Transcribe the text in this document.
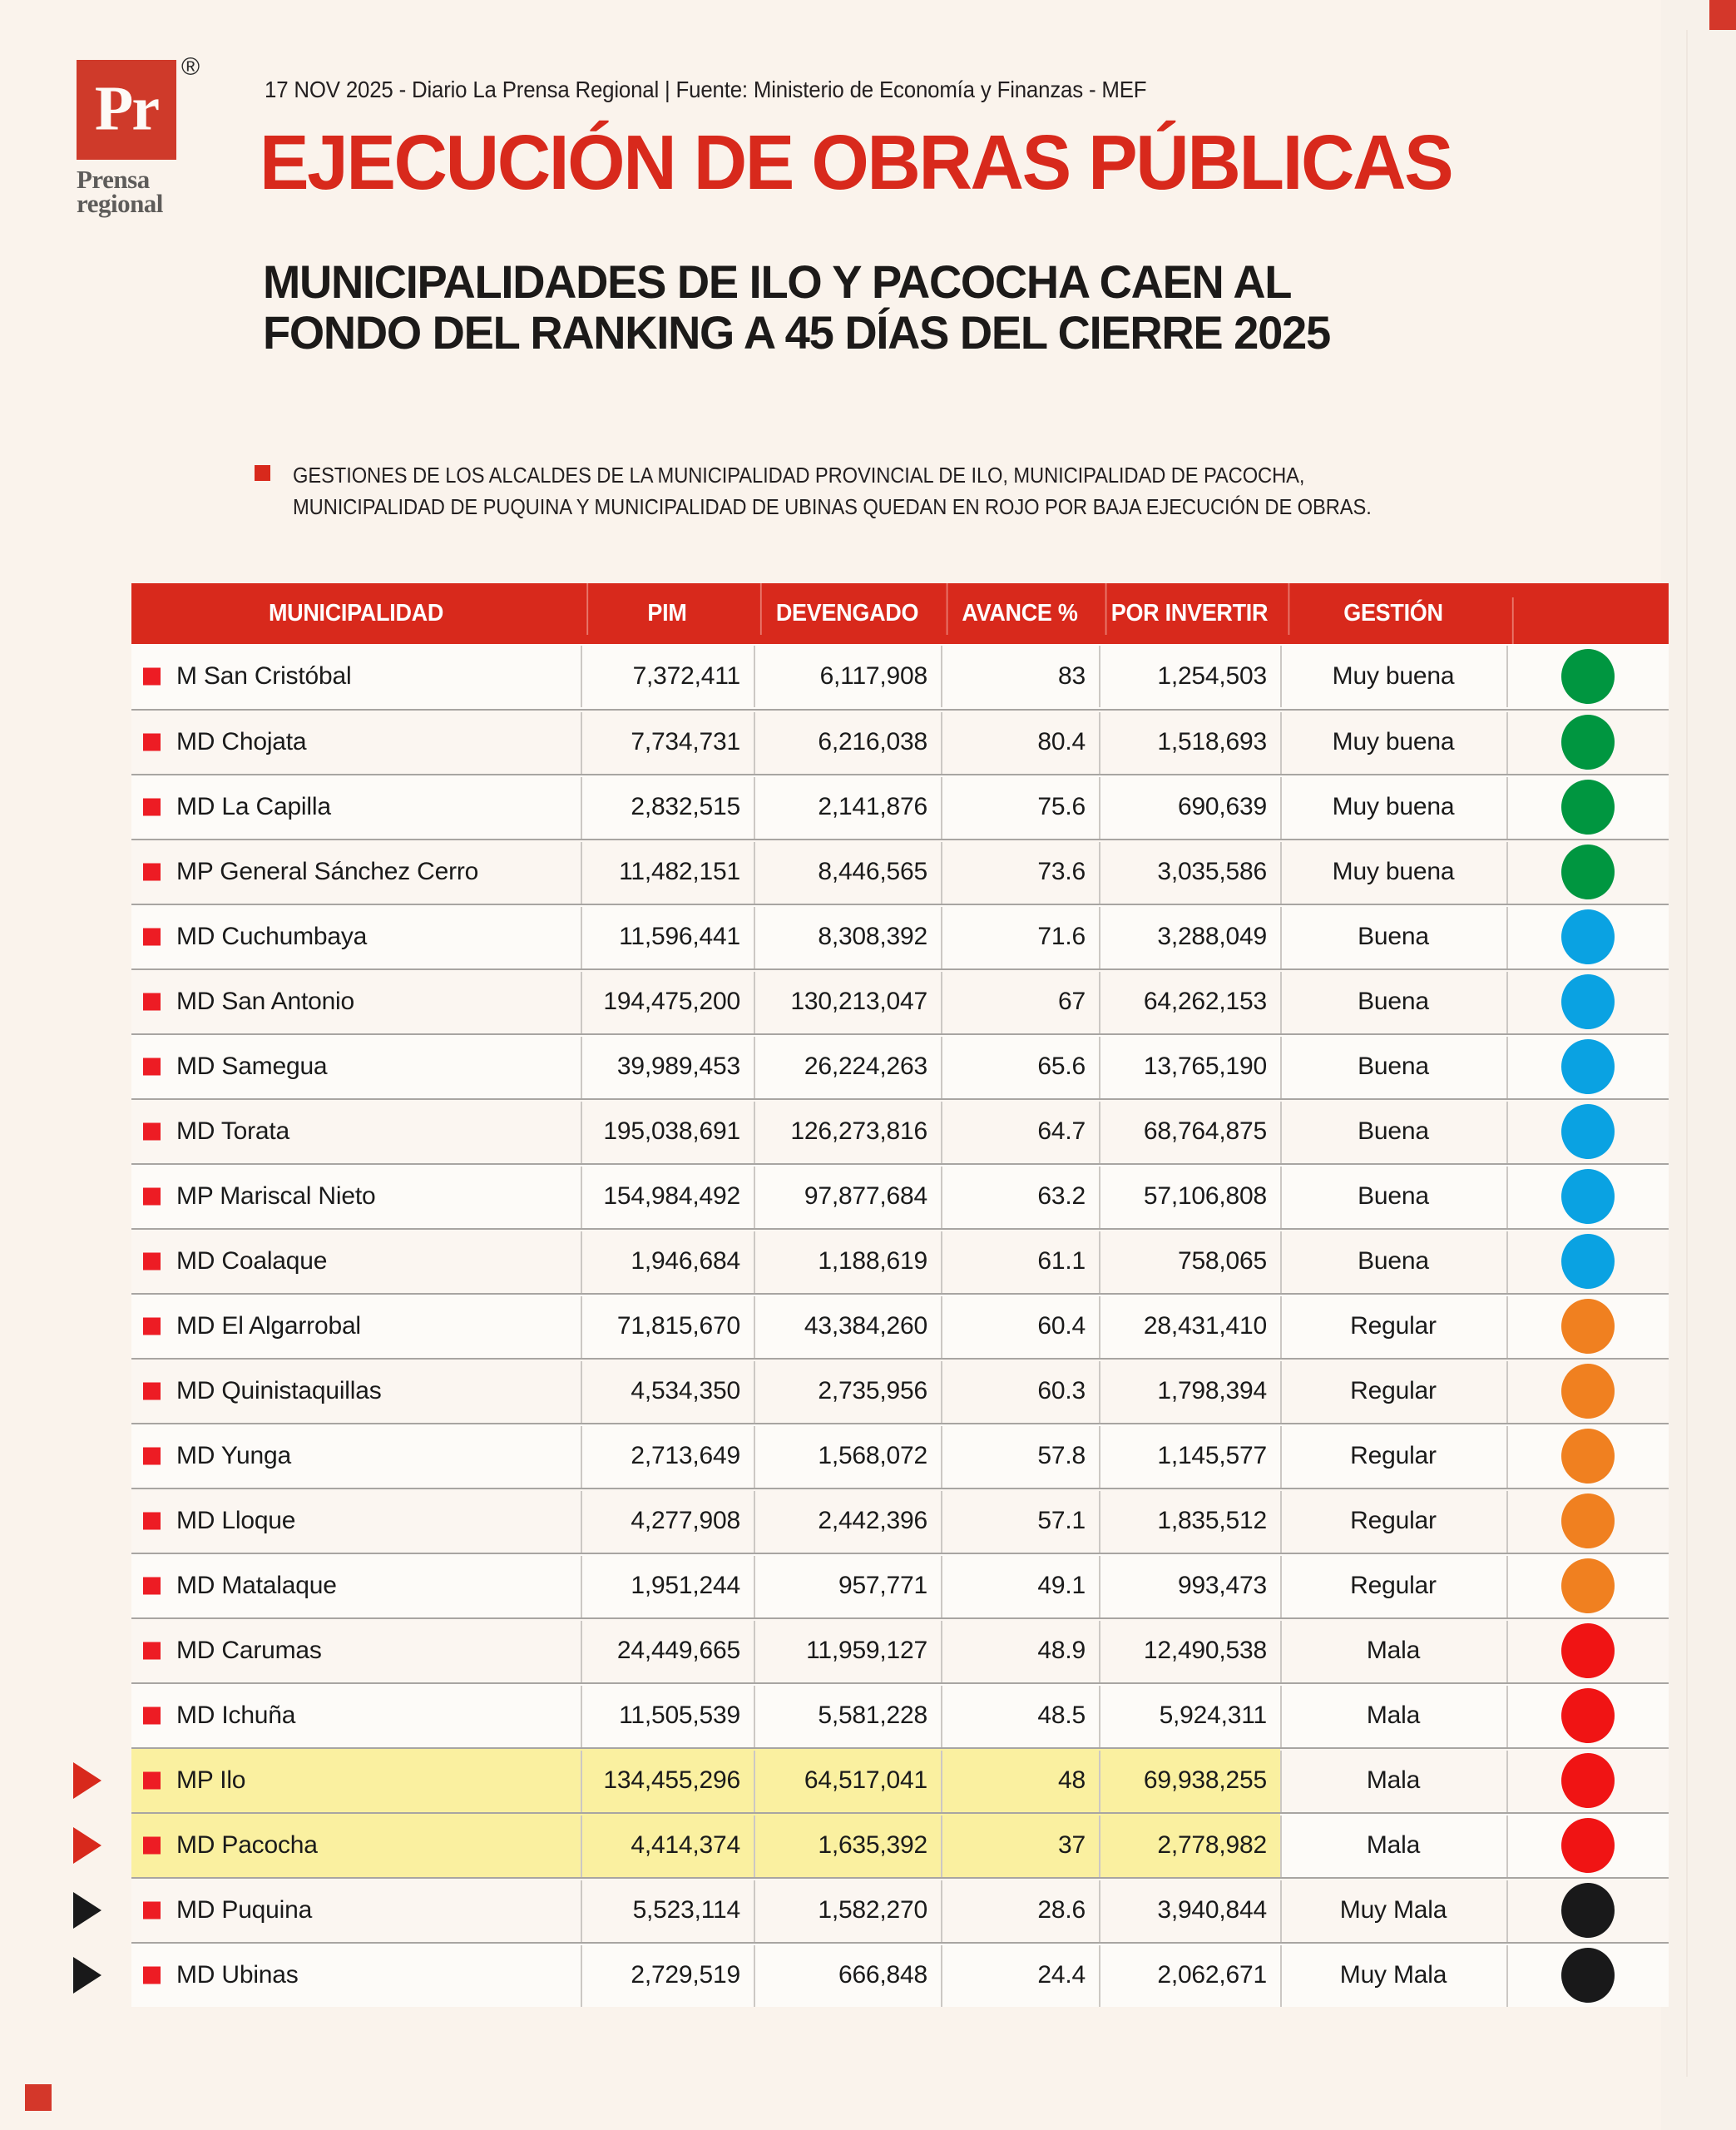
Pr
®
Prensa
regional
17 NOV 2025 - Diario La Prensa Regional | Fuente: Ministerio de Economía y Finanzas - MEF
EJECUCIÓN DE OBRAS PÚBLICAS
MUNICIPALIDADES DE ILO Y PACOCHA CAEN AL
FONDO DEL RANKING A 45 DÍAS DEL CIERRE 2025
GESTIONES DE LOS ALCALDES DE LA MUNICIPALIDAD PROVINCIAL DE ILO, MUNICIPALIDAD DE PACOCHA,
MUNICIPALIDAD DE PUQUINA Y MUNICIPALIDAD DE UBINAS QUEDAN EN ROJO POR BAJA EJECUCIÓN DE OBRAS.
MUNICIPALIDAD	PIM	DEVENGADO	AVANCE %	POR INVERTIR	GESTIÓN
M San Cristóbal	7,372,411	6,117,908	83	1,254,503	Muy buena
MD Chojata	7,734,731	6,216,038	80.4	1,518,693	Muy buena
MD La Capilla	2,832,515	2,141,876	75.6	690,639	Muy buena
MP General Sánchez Cerro	11,482,151	8,446,565	73.6	3,035,586	Muy buena
MD Cuchumbaya	11,596,441	8,308,392	71.6	3,288,049	Buena
MD San Antonio	194,475,200	130,213,047	67	64,262,153	Buena
MD Samegua	39,989,453	26,224,263	65.6	13,765,190	Buena
MD Torata	195,038,691	126,273,816	64.7	68,764,875	Buena
MP Mariscal Nieto	154,984,492	97,877,684	63.2	57,106,808	Buena
MD Coalaque	1,946,684	1,188,619	61.1	758,065	Buena
MD El Algarrobal	71,815,670	43,384,260	60.4	28,431,410	Regular
MD Quinistaquillas	4,534,350	2,735,956	60.3	1,798,394	Regular
MD Yunga	2,713,649	1,568,072	57.8	1,145,577	Regular
MD Lloque	4,277,908	2,442,396	57.1	1,835,512	Regular
MD Matalaque	1,951,244	957,771	49.1	993,473	Regular
MD Carumas	24,449,665	11,959,127	48.9	12,490,538	Mala
MD Ichuña	11,505,539	5,581,228	48.5	5,924,311	Mala
MP Ilo	134,455,296	64,517,041	48	69,938,255	Mala
MD Pacocha	4,414,374	1,635,392	37	2,778,982	Mala
MD Puquina	5,523,114	1,582,270	28.6	3,940,844	Muy Mala
MD Ubinas	2,729,519	666,848	24.4	2,062,671	Muy Mala
